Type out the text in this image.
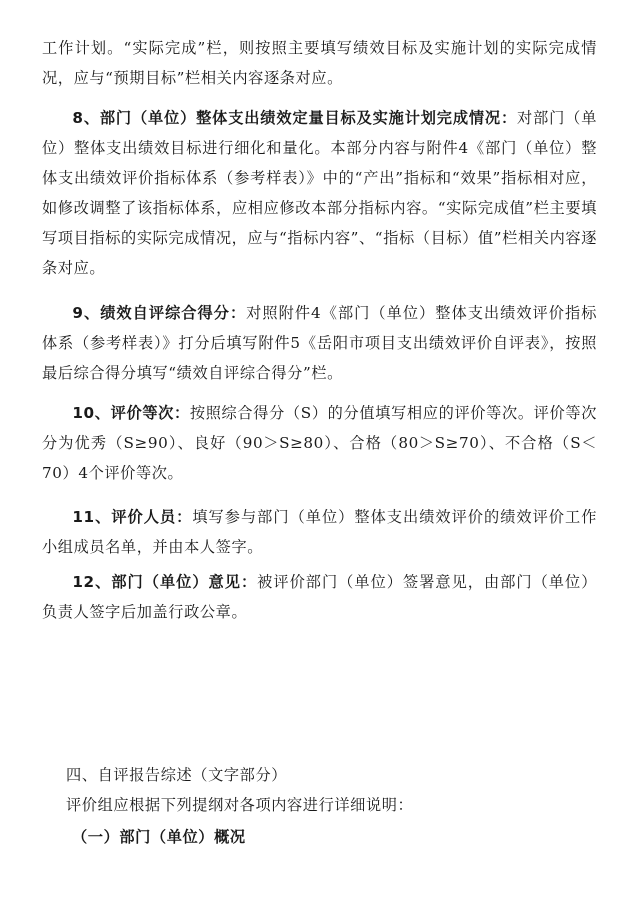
工作计划。“实际完成”栏，则按照主要填写绩效目标及实施计划的实际完成情况，应与“预期目标”栏相关内容逐条对应。

8、部门（单位）整体支出绩效定量目标及实施计划完成情况：对部门（单位）整体支出绩效目标进行细化和量化。本部分内容与附件4《部门（单位）整体支出绩效评价指标体系（参考样表）》中的“产出”指标和“效果”指标相对应，如修改调整了该指标体系，应相应修改本部分指标内容。“实际完成值”栏主要填写项目指标的实际完成情况，应与“指标内容”、“指标（目标）值”栏相关内容逐条对应。

9、绩效自评综合得分：对照附件4《部门（单位）整体支出绩效评价指标体系（参考样表）》打分后填写附件5《岳阳市项目支出绩效评价自评表》，按照最后综合得分填写“绩效自评综合得分”栏。

10、评价等次：按照综合得分（S）的分值填写相应的评价等次。评价等次分为优秀（S≥90）、良好（90＞S≥80）、合格（80＞S≥70）、不合格（S＜70）4个评价等次。

11、评价人员：填写参与部门（单位）整体支出绩效评价的绩效评价工作小组成员名单，并由本人签字。

12、部门（单位）意见：被评价部门（单位）签署意见，由部门（单位）负责人签字后加盖行政公章。

四、自评报告综述（文字部分）

评价组应根据下列提纲对各项内容进行详细说明：

（一）部门（单位）概况
